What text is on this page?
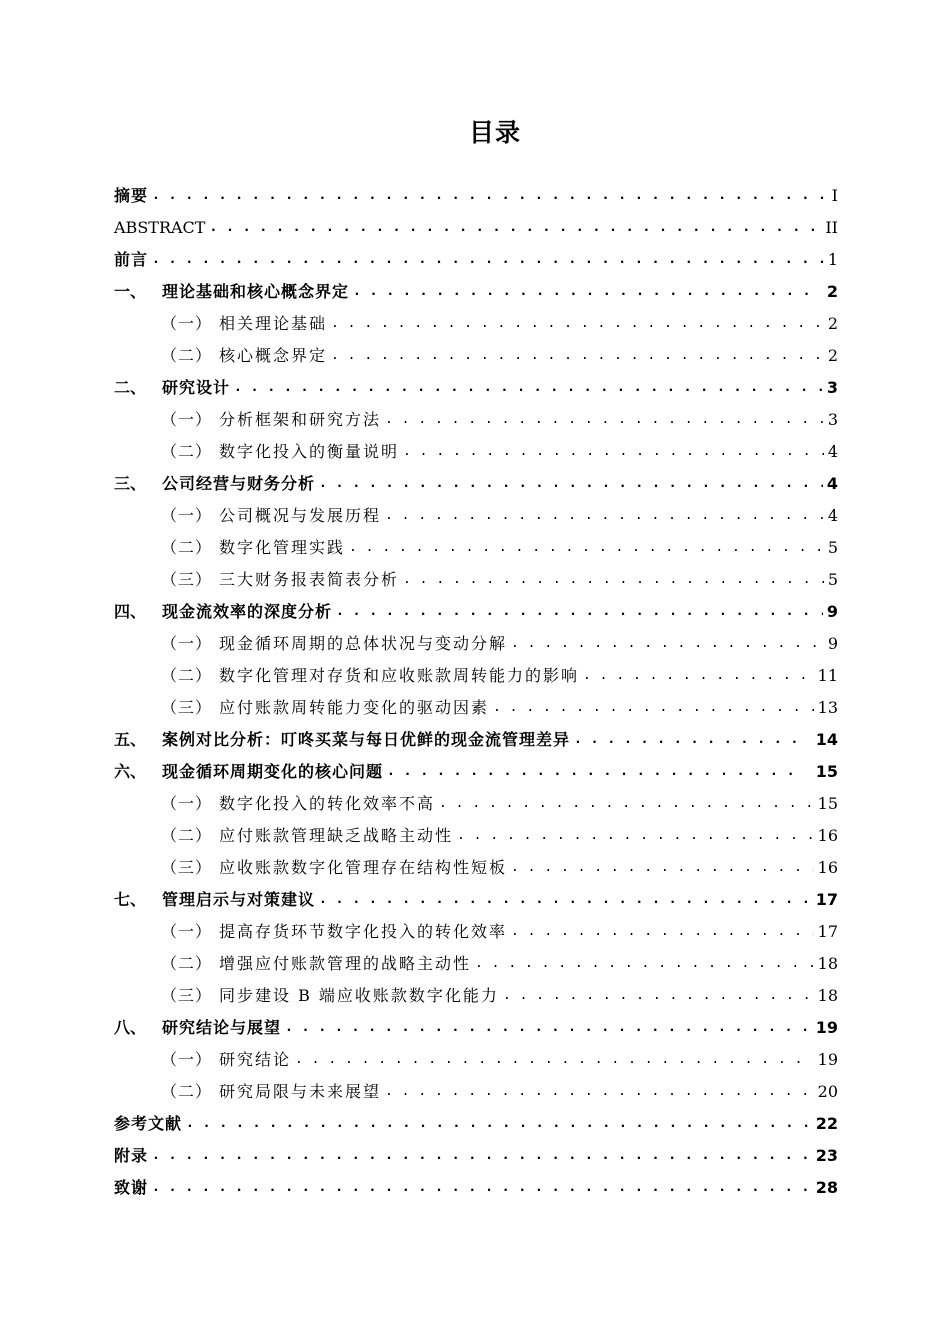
目录
摘要 . . .	I
ABSTRACT . . .	II
前言 . . .	1
一、 理论基础和核心概念界定 . . .	2
（一） 相关理论基础 . . .	2
（二） 核心概念界定 . . .	2
二、 研究设计 . . .	3
（一） 分析框架和研究方法 . . .	3
（二） 数字化投入的衡量说明 . . .	4
三、 公司经营与财务分析 . . .	4
（一） 公司概况与发展历程 . . .	4
（二） 数字化管理实践 . . .	5
（三） 三大财务报表简表分析 . . .	5
四、 现金流效率的深度分析 . . .	9
（一） 现金循环周期的总体状况与变动分解 . . .	9
（二） 数字化管理对存货和应收账款周转能力的影响 . . .	11
（三） 应付账款周转能力变化的驱动因素 . . .	13
五、 案例对比分析：叮咚买菜与每日优鲜的现金流管理差异 . . .	14
六、 现金循环周期变化的核心问题 . . .	15
（一） 数字化投入的转化效率不高 . . .	15
（二） 应付账款管理缺乏战略主动性 . . .	16
（三） 应收账款数字化管理存在结构性短板 . . .	16
七、 管理启示与对策建议 . . .	17
（一） 提高存货环节数字化投入的转化效率 . . .	17
（二） 增强应付账款管理的战略主动性 . . .	18
（三） 同步建设 B 端应收账款数字化能力 . . .	18
八、 研究结论与展望 . . .	19
（一） 研究结论 . . .	19
（二） 研究局限与未来展望 . . .	20
参考文献 . . .	22
附录 . . .	23
致谢 . . .	28
